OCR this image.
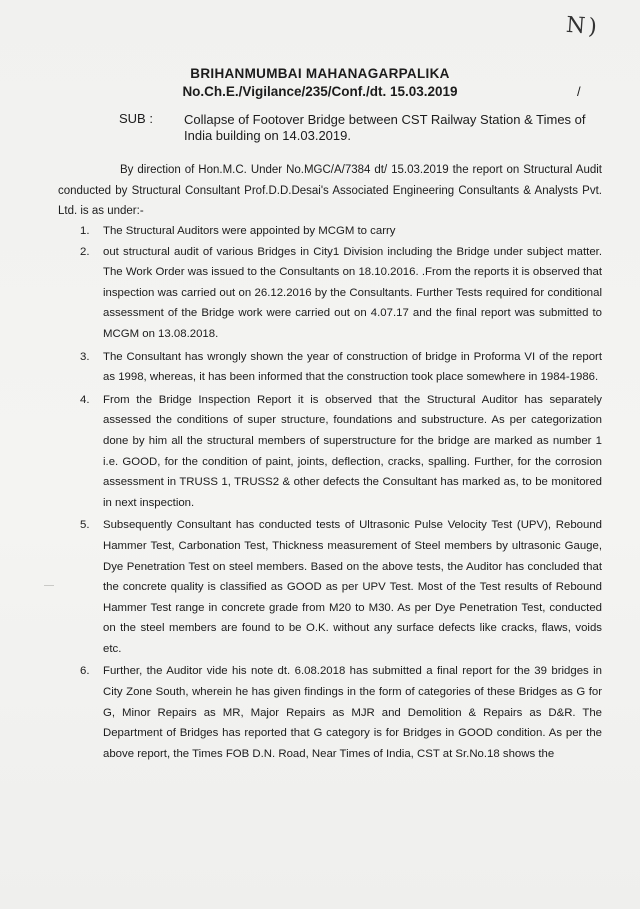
N)
BRIHANMUMBAI MAHANAGARPALIKA
No.Ch.E./Vigilance/235/Conf./dt. 15.03.2019	/
SUB : Collapse of Footover Bridge between CST Railway Station & Times of India building on 14.03.2019.
By direction of Hon.M.C. Under No.MGC/A/7384 dt/ 15.03.2019 the report on Structural Audit conducted by Structural Consultant Prof.D.D.Desai's Associated Engineering Consultants & Analysts Pvt. Ltd. is as under:-
1. The Structural Auditors were appointed by MCGM to carry
2. out structural audit of various Bridges in City1 Division including the Bridge under subject matter. The Work Order was issued to the Consultants on 18.10.2016. .From the reports it is observed that inspection was carried out on 26.12.2016 by the Consultants. Further Tests required for conditional assessment of the Bridge work were carried out on 4.07.17 and the final report was submitted to MCGM on 13.08.2018.
3. The Consultant has wrongly shown the year of construction of bridge in Proforma VI of the report as 1998, whereas, it has been informed that the construction took place somewhere in 1984-1986.
4. From the Bridge Inspection Report it is observed that the Structural Auditor has separately assessed the conditions of super structure, foundations and substructure. As per categorization done by him all the structural members of superstructure for the bridge are marked as number 1 i.e. GOOD, for the condition of paint, joints, deflection, cracks, spalling. Further, for the corrosion assessment in TRUSS 1, TRUSS2 & other defects the Consultant has marked as, to be monitored in next inspection.
5. Subsequently Consultant has conducted tests of Ultrasonic Pulse Velocity Test (UPV), Rebound Hammer Test, Carbonation Test, Thickness measurement of Steel members by ultrasonic Gauge, Dye Penetration Test on steel members. Based on the above tests, the Auditor has concluded that the concrete quality is classified as GOOD as per UPV Test. Most of the Test results of Rebound Hammer Test range in concrete grade from M20 to M30. As per Dye Penetration Test, conducted on the steel members are found to be O.K. without any surface defects like cracks, flaws, voids etc.
6. Further, the Auditor vide his note dt. 6.08.2018 has submitted a final report for the 39 bridges in City Zone South, wherein he has given findings in the form of categories of these Bridges as G for G, Minor Repairs as MR, Major Repairs as MJR and Demolition & Repairs as D&R. The Department of Bridges has reported that G category is for Bridges in GOOD condition. As per the above report, the Times FOB D.N. Road, Near Times of India, CST at Sr.No.18 shows the
